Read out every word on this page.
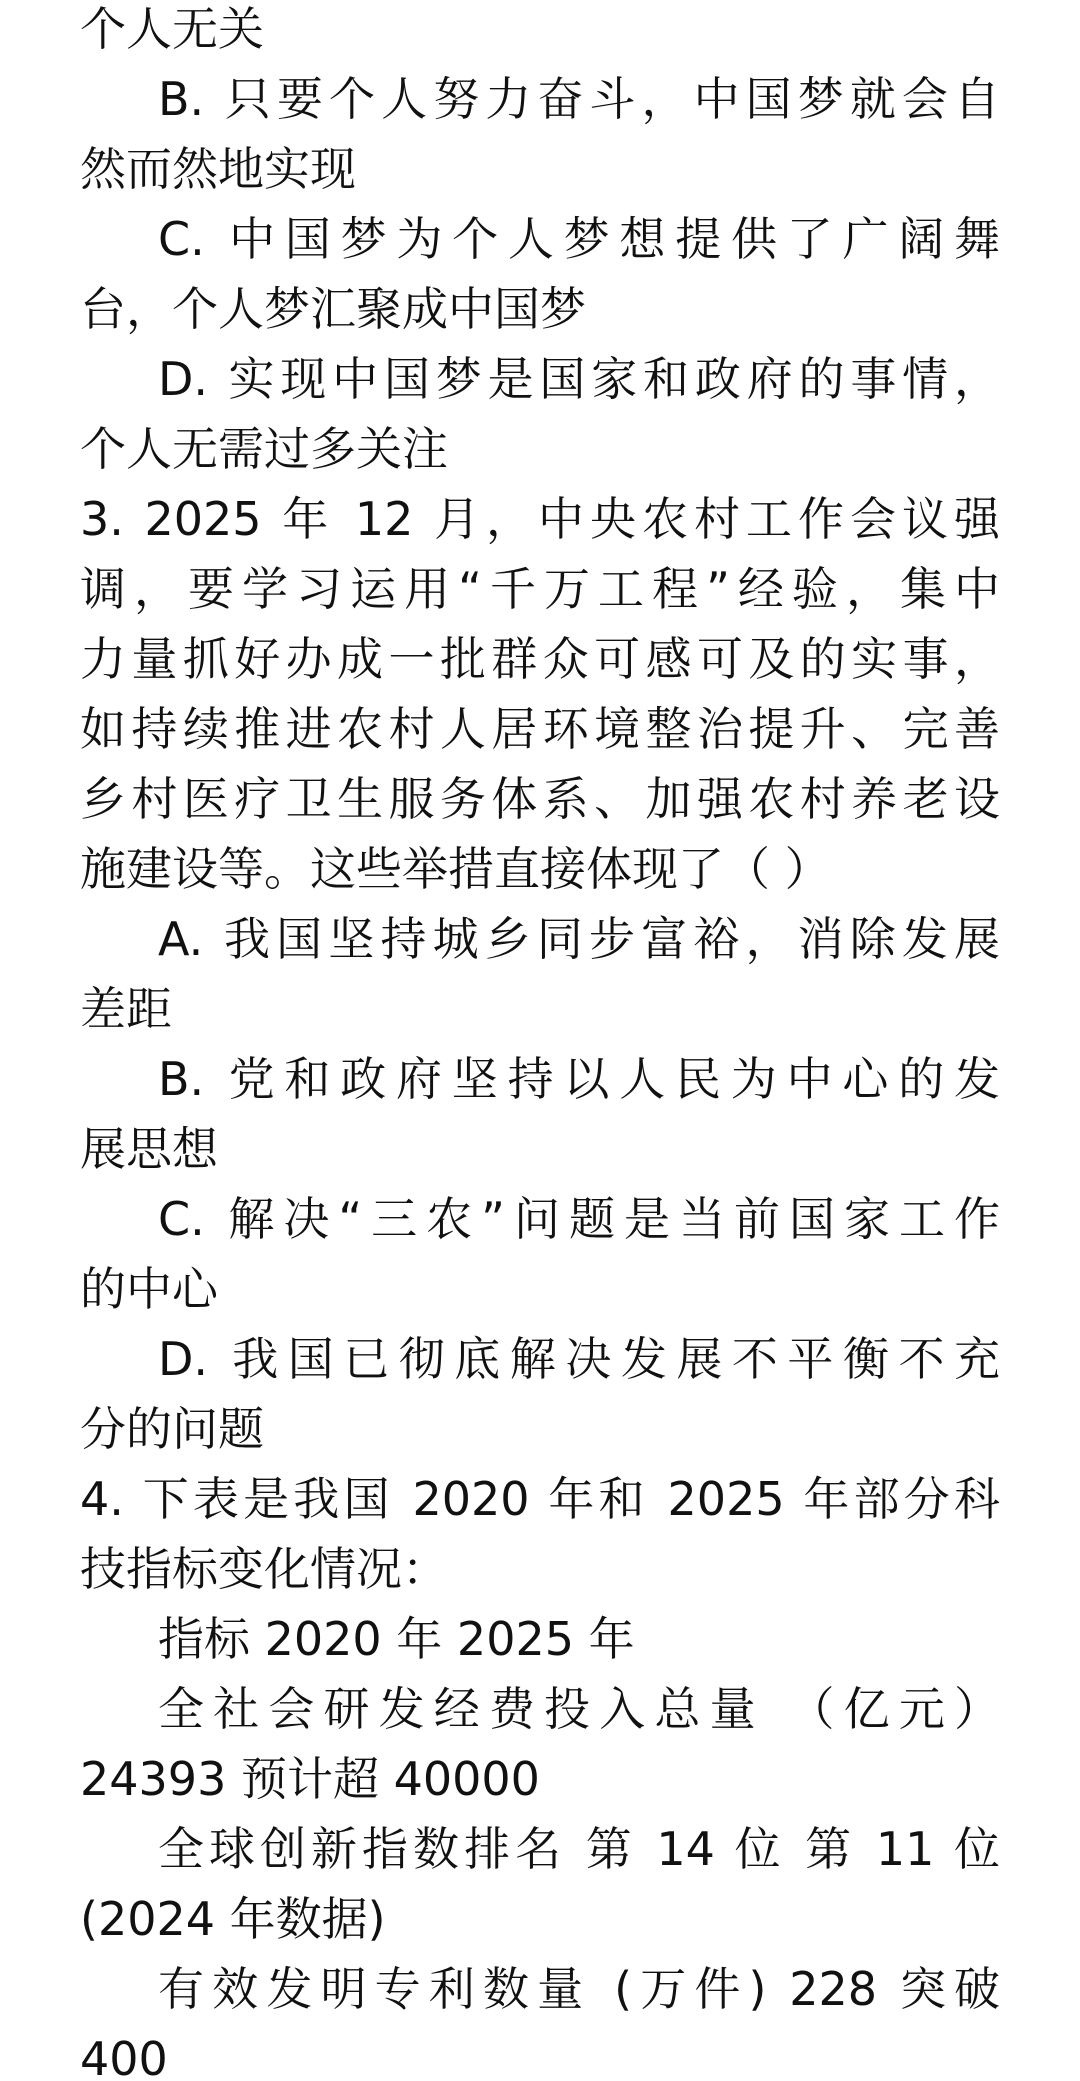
个人无关
B. 只要个人努力奋斗，中国梦就会自
然而然地实现
C. 中国梦为个人梦想提供了广阔舞
台，个人梦汇聚成中国梦
D. 实现中国梦是国家和政府的事情，
个人无需过多关注
3. 2025 年 12 月，中央农村工作会议强
调，要学习运用“千万工程”经验，集中
力量抓好办成一批群众可感可及的实事，
如持续推进农村人居环境整治提升、完善
乡村医疗卫生服务体系、加强农村养老设
施建设等。这些举措直接体现了（ ）
A. 我国坚持城乡同步富裕，消除发展
差距
B. 党和政府坚持以人民为中心的发
展思想
C. 解决“三农”问题是当前国家工作
的中心
D. 我国已彻底解决发展不平衡不充
分的问题
4. 下表是我国 2020 年和 2025 年部分科
技指标变化情况：
指标 2020 年 2025 年
全社会研发经费投入总量 （亿元）
24393 预计超 40000
全球创新指数排名 第 14 位 第 11 位
(2024 年数据)
有效发明专利数量 (万件) 228 突破
400
